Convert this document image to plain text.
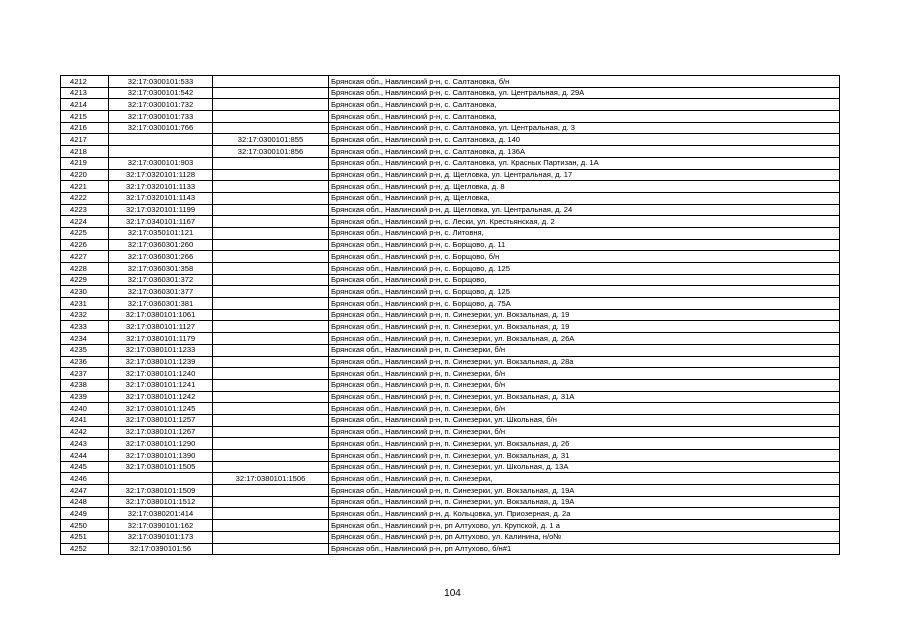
4212	32:17:0300101:533		Брянская обл., Навлинский р-н, с. Салтановка, б/н
4213	32:17:0300101:542		Брянская обл., Навлинский р-н, с. Салтановка, ул. Центральная, д. 29А
4214	32:17:0300101:732		Брянская обл., Навлинский р-н, с. Салтановка,
4215	32:17:0300101:733		Брянская обл., Навлинский р-н, с. Салтановка,
4216	32:17:0300101:766		Брянская обл., Навлинский р-н, с. Салтановка, ул. Центральная, д. 3
4217		32:17:0300101:855	Брянская обл., Навлинский р-н, с. Салтановка, д. 140
4218		32:17:0300101:856	Брянская обл., Навлинский р-н, с. Салтановка, д. 136А
4219	32:17:0300101:903		Брянская обл., Навлинский р-н, с. Салтановка, ул. Красных Партизан, д. 1А
4220	32:17:0320101:1128		Брянская обл., Навлинский р-н, д. Щегловка, ул. Центральная, д. 17
4221	32:17:0320101:1133		Брянская обл., Навлинский р-н, д. Щегловка, д. 8
4222	32:17:0320101:1143		Брянская обл., Навлинский р-н, д. Щегловка,
4223	32:17:0320101:1199		Брянская обл., Навлинский р-н, д. Щегловка, ул. Центральная, д. 24
4224	32:17:0340101:1167		Брянская обл., Навлинский р-н, с. Лески, ул. Крестьянская, д. 2
4225	32:17:0350101:121		Брянская обл., Навлинский р-н, с. Литовня,
4226	32:17:0360301:260		Брянская обл., Навлинский р-н, с. Борщово, д. 11
4227	32:17:0360301:266		Брянская обл., Навлинский р-н, с. Борщово, б/н
4228	32:17:0360301:358		Брянская обл., Навлинский р-н, с. Борщово, д. 125
4229	32:17:0360301:372		Брянская обл., Навлинский р-н, с. Борщово,
4230	32:17:0360301:377		Брянская обл., Навлинский р-н, с. Борщово, д. 125
4231	32:17:0360301:381		Брянская обл., Навлинский р-н, с. Борщово, д. 75А
4232	32:17:0380101:1061		Брянская обл., Навлинский р-н, п. Синезерки, ул. Вокзальная, д. 19
4233	32:17:0380101:1127		Брянская обл., Навлинский р-н, п. Синезерки, ул. Вокзальная, д. 19
4234	32:17:0380101:1179		Брянская обл., Навлинский р-н, п. Синезерки, ул. Вокзальная, д. 26А
4235	32:17:0380101:1233		Брянская обл., Навлинский р-н, п. Синезерки, б/н
4236	32:17:0380101:1239		Брянская обл., Навлинский р-н, п. Синезерки, ул. Вокзальная, д. 28а
4237	32:17:0380101:1240		Брянская обл., Навлинский р-н, п. Синезерки, б/н
4238	32:17:0380101:1241		Брянская обл., Навлинский р-н, п. Синезерки, б/н
4239	32:17:0380101:1242		Брянская обл., Навлинский р-н, п. Синезерки, ул. Вокзальная, д. 31А
4240	32:17:0380101:1245		Брянская обл., Навлинский р-н, п. Синезерки, б/н
4241	32:17:0380101:1257		Брянская обл., Навлинский р-н, п. Синезерки, ул. Школьная, б/н
4242	32:17:0380101:1267		Брянская обл., Навлинский р-н, п. Синезерки, б/н
4243	32:17:0380101:1290		Брянская обл., Навлинский р-н, п. Синезерки, ул. Вокзальная, д. 26
4244	32:17:0380101:1390		Брянская обл., Навлинский р-н, п. Синезерки, ул. Вокзальная, д. 31
4245	32:17:0380101:1505		Брянская обл., Навлинский р-н, п. Синезерки, ул. Школьная, д. 13А
4246		32:17:0380101:1506	Брянская обл., Навлинский р-н, п. Синезерки,
4247	32:17:0380101:1509		Брянская обл., Навлинский р-н, п. Синезерки, ул. Вокзальная, д. 19А
4248	32:17:0380101:1512		Брянская обл., Навлинский р-н, п. Синезерки, ул. Вокзальная, д. 19А
4249	32:17:0380201:414		Брянская обл., Навлинский р-н, д. Кольцовка, ул. Приозерная, д. 2а
4250	32:17:0390101:162		Брянская обл., Навлинский р-н, рп Алтухово, ул. Крупской, д. 1 а
4251	32:17:0390101:173		Брянская обл., Навлинский р-н, рп Алтухово, ул. Калинина, н/о№
4252	32:17:0390101:56		Брянская обл., Навлинский р-н, рп Алтухово, б/н#1
104
